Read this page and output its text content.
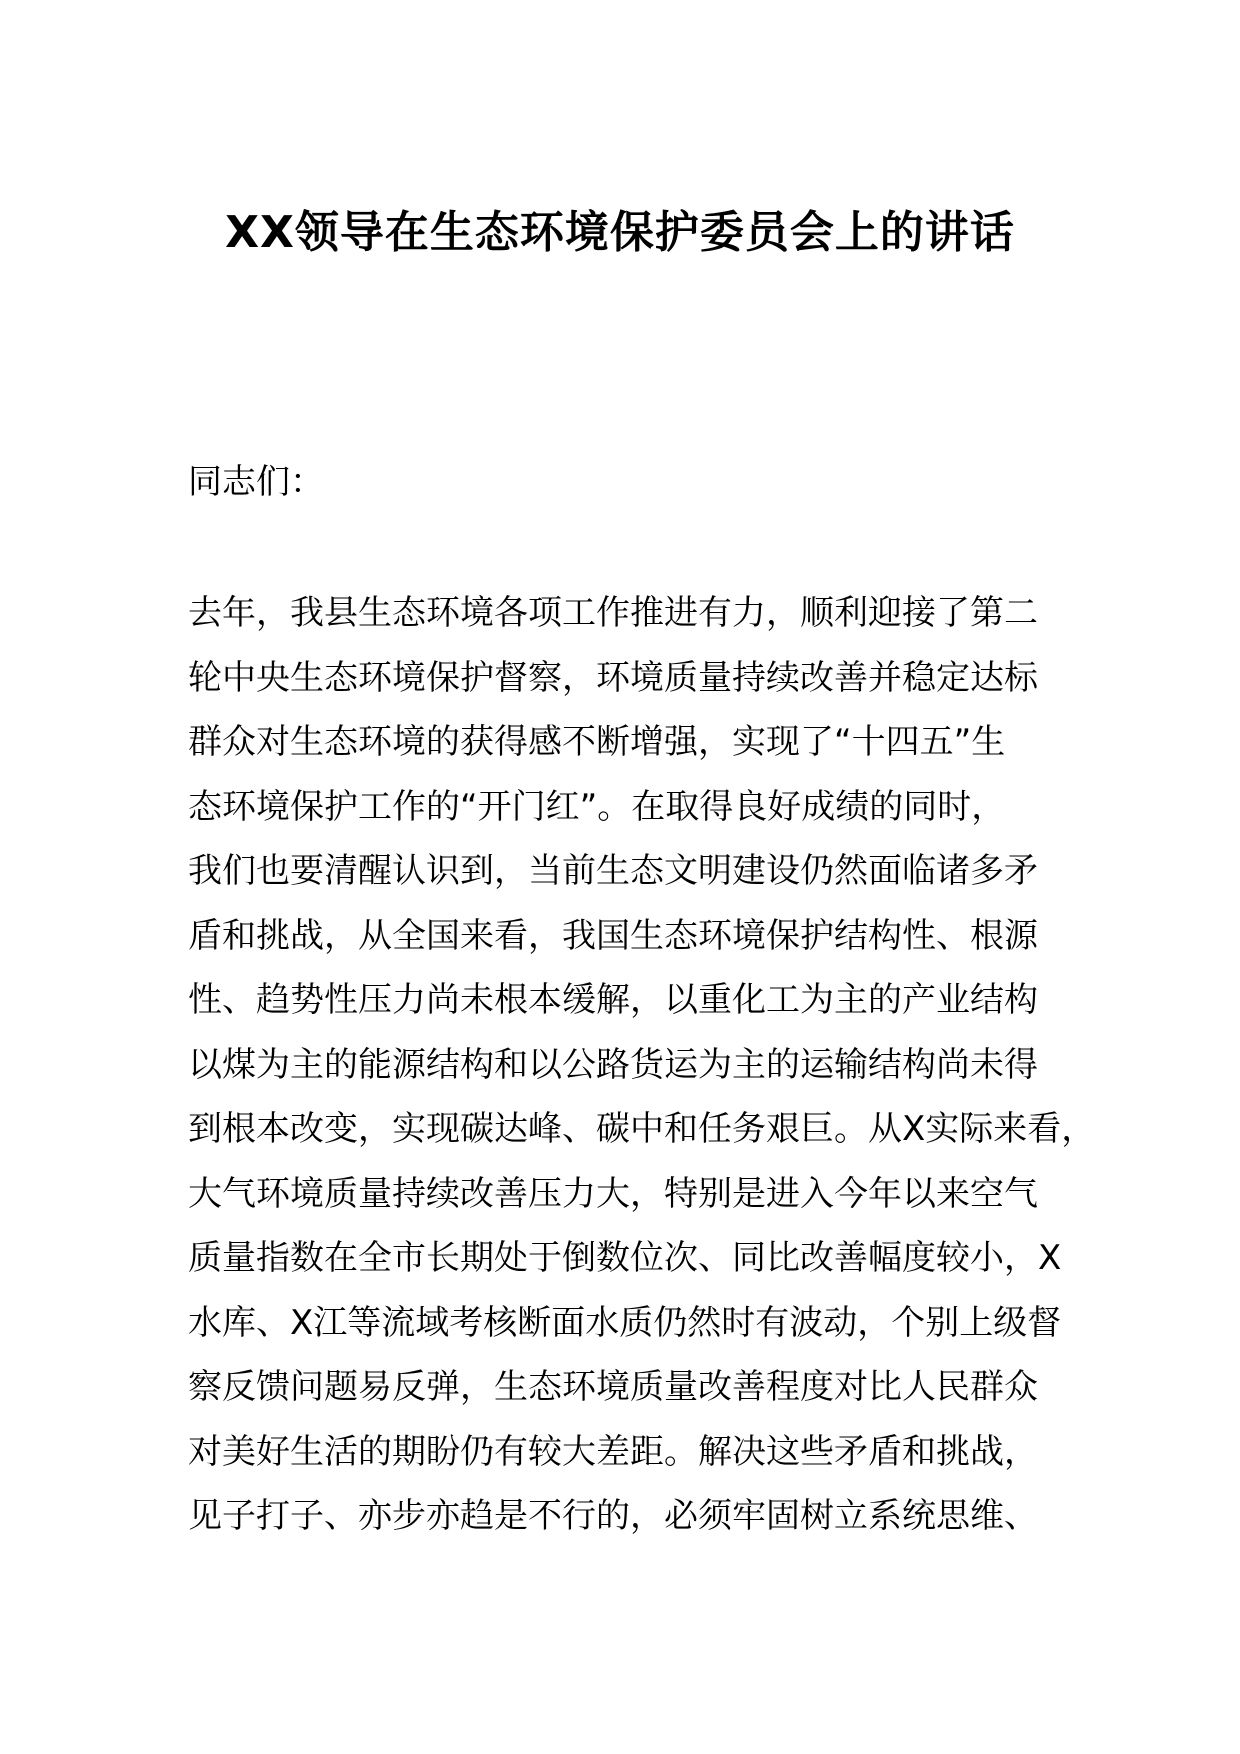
XX领导在生态环境保护委员会上的讲话
同志们：
去年，我县生态环境各项工作推进有力，顺利迎接了第二
轮中央生态环境保护督察，环境质量持续改善并稳定达标
群众对生态环境的获得感不断增强，实现了“十四五”生
态环境保护工作的“开门红”。在取得良好成绩的同时，
我们也要清醒认识到，当前生态文明建设仍然面临诸多矛
盾和挑战，从全国来看，我国生态环境保护结构性、根源
性、趋势性压力尚未根本缓解，以重化工为主的产业结构
以煤为主的能源结构和以公路货运为主的运输结构尚未得
到根本改变，实现碳达峰、碳中和任务艰巨。从X实际来看，
大气环境质量持续改善压力大，特别是进入今年以来空气
质量指数在全市长期处于倒数位次、同比改善幅度较小，X
水库、X江等流域考核断面水质仍然时有波动，个别上级督
察反馈问题易反弹，生态环境质量改善程度对比人民群众
对美好生活的期盼仍有较大差距。解决这些矛盾和挑战，
见子打子、亦步亦趋是不行的，必须牢固树立系统思维、
